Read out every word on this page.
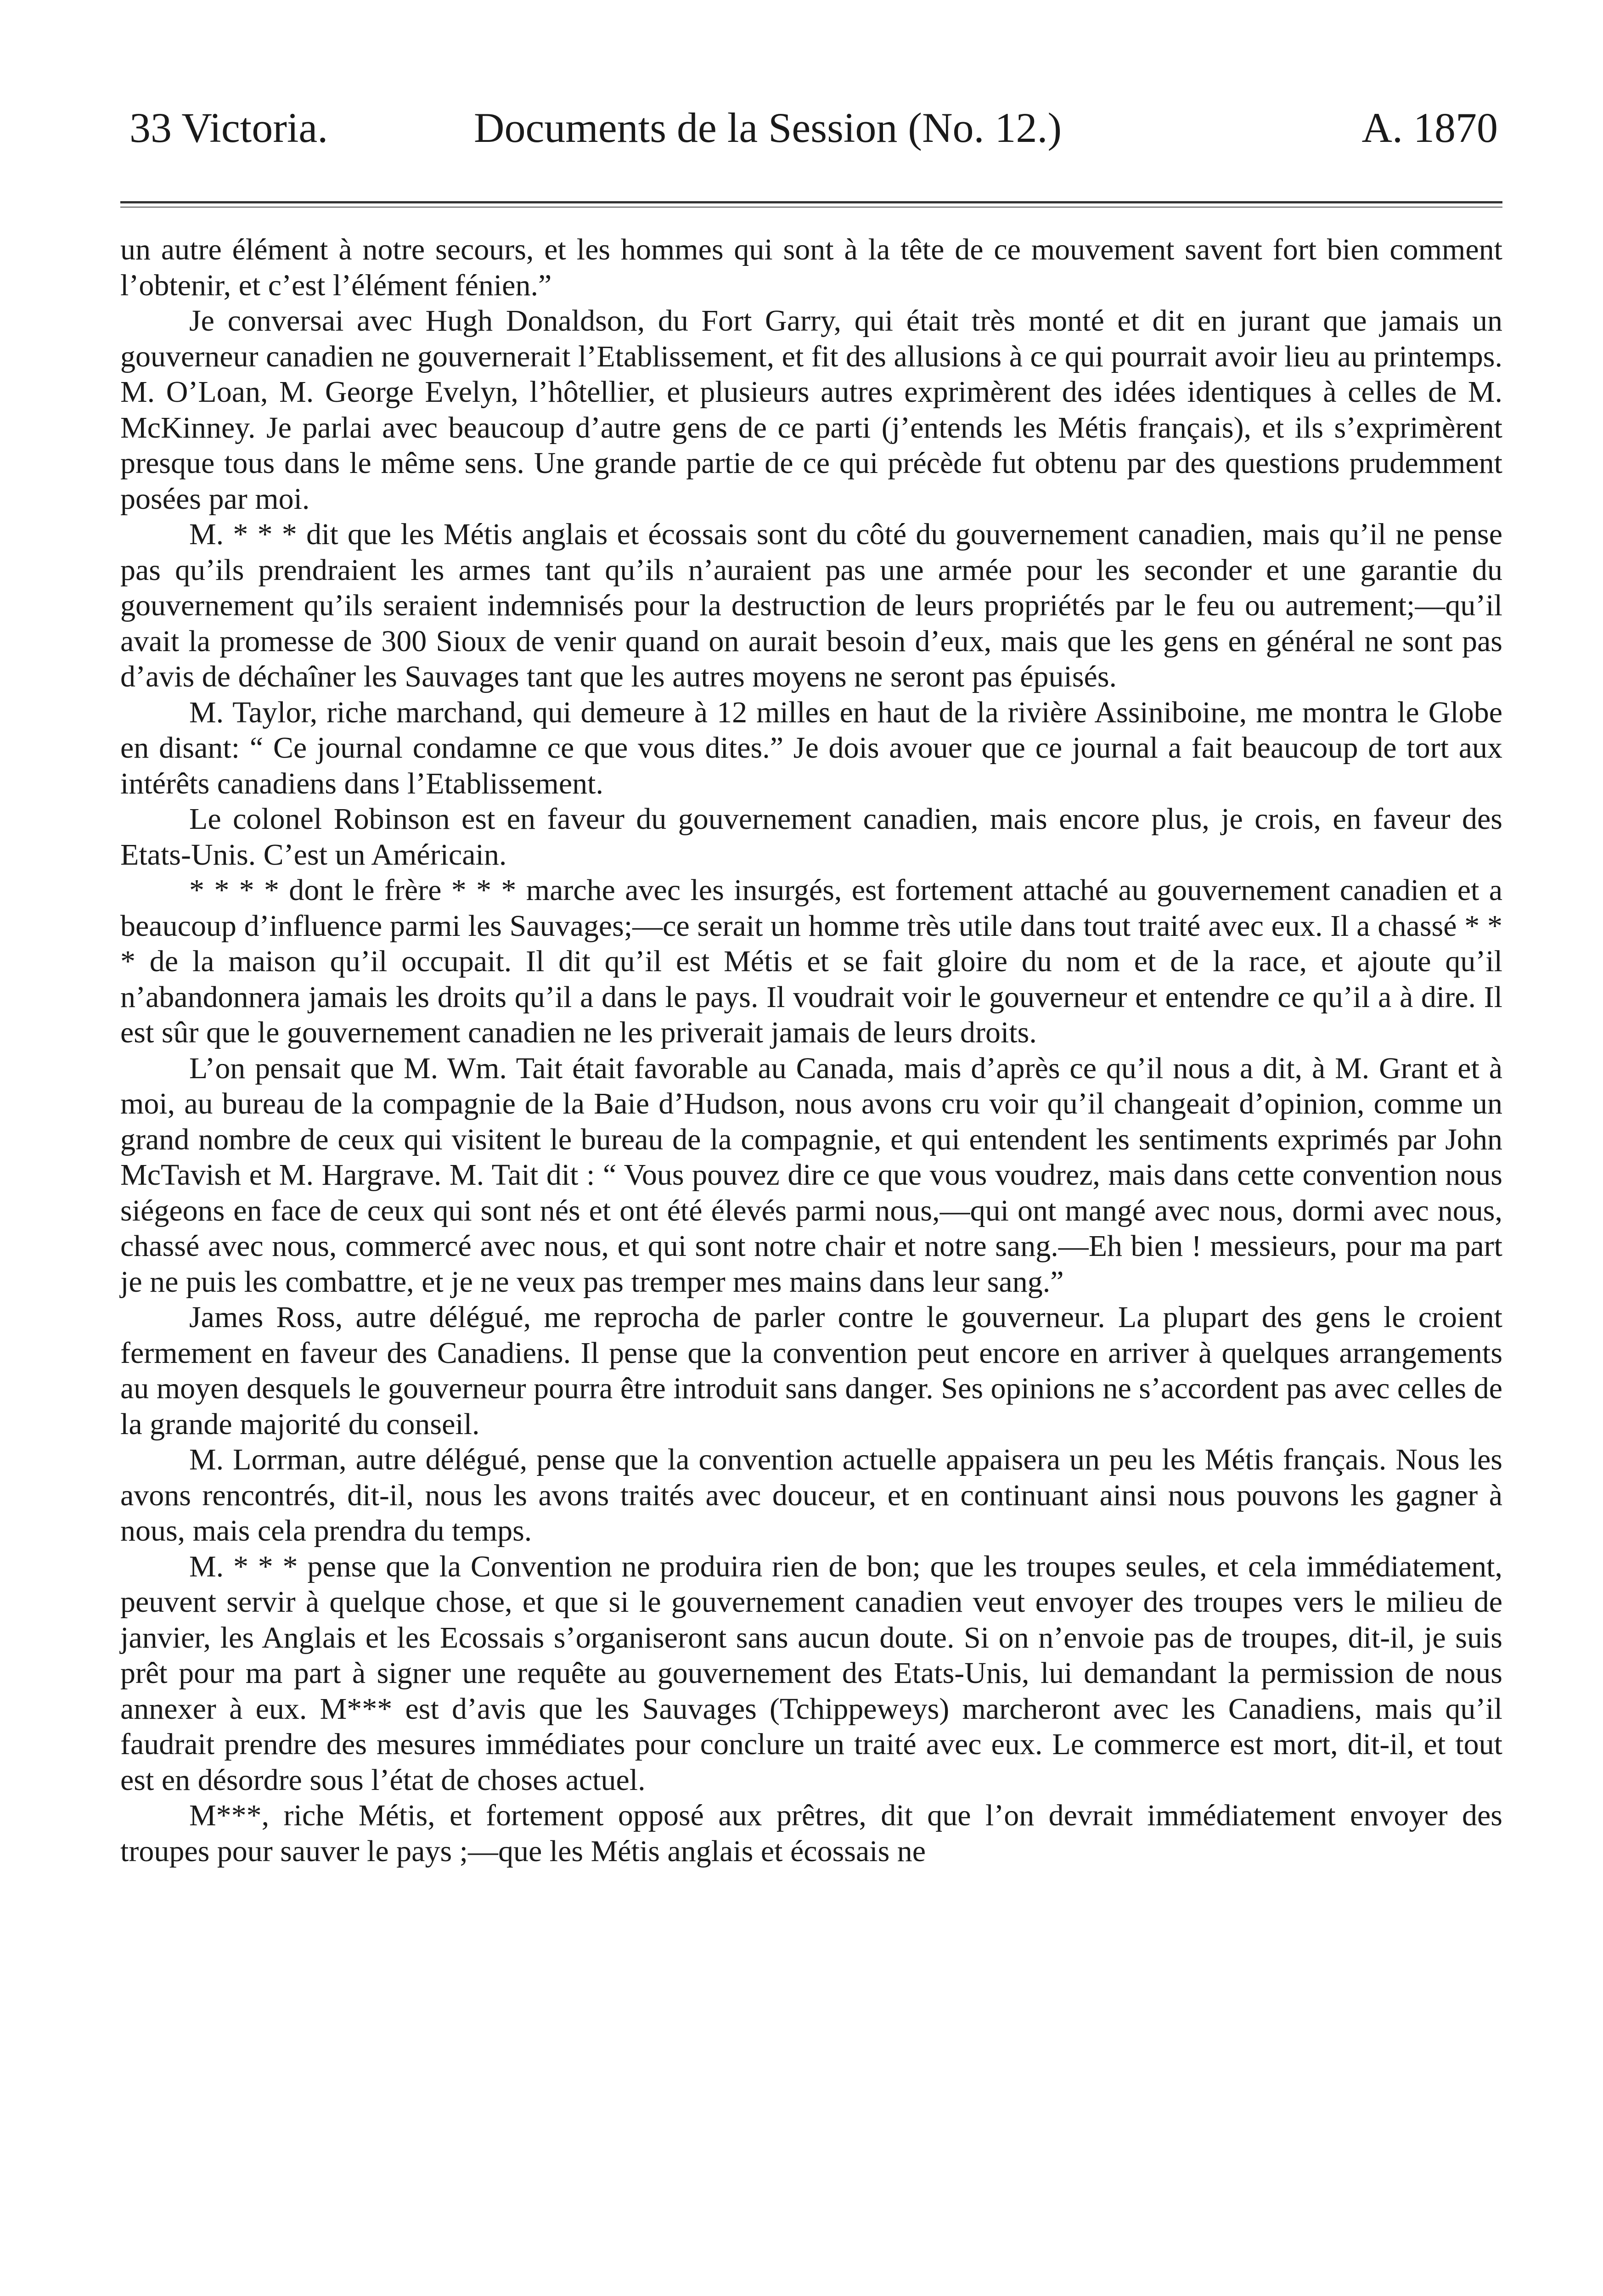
33 Victoria.	Documents de la Session (No. 12.)	A. 1870

un autre élément à notre secours, et les hommes qui sont à la tête de ce mouvement savent fort bien comment l’obtenir, et c’est l’élément fénien.”

Je conversai avec Hugh Donaldson, du Fort Garry, qui était très monté et dit en jurant que jamais un gouverneur canadien ne gouvernerait l’Etablissement, et fit des allusions à ce qui pourrait avoir lieu au printemps. M. O’Loan, M. George Evelyn, l’hôtellier, et plusieurs autres exprimèrent des idées identiques à celles de M. McKinney. Je parlai avec beaucoup d’autre gens de ce parti (j’entends les Métis français), et ils s’exprimèrent presque tous dans le même sens. Une grande partie de ce qui précède fut obtenu par des questions prudemment posées par moi.

M. * * * dit que les Métis anglais et écossais sont du côté du gouvernement canadien, mais qu’il ne pense pas qu’ils prendraient les armes tant qu’ils n’auraient pas une armée pour les seconder et une garantie du gouvernement qu’ils seraient indemnisés pour la destruction de leurs propriétés par le feu ou autrement;—qu’il avait la promesse de 300 Sioux de venir quand on aurait besoin d’eux, mais que les gens en général ne sont pas d’avis de déchaîner les Sauvages tant que les autres moyens ne seront pas épuisés.

M. Taylor, riche marchand, qui demeure à 12 milles en haut de la rivière Assiniboine, me montra le Globe en disant: “ Ce journal condamne ce que vous dites.” Je dois avouer que ce journal a fait beaucoup de tort aux intérêts canadiens dans l’Etablissement.

Le colonel Robinson est en faveur du gouvernement canadien, mais encore plus, je crois, en faveur des Etats-Unis. C’est un Américain.

* * * * dont le frère * * * marche avec les insurgés, est fortement attaché au gouvernement canadien et a beaucoup d’influence parmi les Sauvages;—ce serait un homme très utile dans tout traité avec eux. Il a chassé * * * de la maison qu’il occupait. Il dit qu’il est Métis et se fait gloire du nom et de la race, et ajoute qu’il n’abandonnera jamais les droits qu’il a dans le pays. Il voudrait voir le gouverneur et entendre ce qu’il a à dire. Il est sûr que le gouvernement canadien ne les priverait jamais de leurs droits.

L’on pensait que M. Wm. Tait était favorable au Canada, mais d’après ce qu’il nous a dit, à M. Grant et à moi, au bureau de la compagnie de la Baie d’Hudson, nous avons cru voir qu’il changeait d’opinion, comme un grand nombre de ceux qui visitent le bureau de la compagnie, et qui entendent les sentiments exprimés par John McTavish et M. Hargrave. M. Tait dit : “ Vous pouvez dire ce que vous voudrez, mais dans cette convention nous siégeons en face de ceux qui sont nés et ont été élevés parmi nous,—qui ont mangé avec nous, dormi avec nous, chassé avec nous, commercé avec nous, et qui sont notre chair et notre sang.—Eh bien ! messieurs, pour ma part je ne puis les combattre, et je ne veux pas tremper mes mains dans leur sang.”

James Ross, autre délégué, me reprocha de parler contre le gouverneur. La plupart des gens le croient fermement en faveur des Canadiens. Il pense que la convention peut encore en arriver à quelques arrangements au moyen desquels le gouverneur pourra être introduit sans danger. Ses opinions ne s’accordent pas avec celles de la grande majorité du conseil.

M. Lorrman, autre délégué, pense que la convention actuelle appaisera un peu les Métis français. Nous les avons rencontrés, dit-il, nous les avons traités avec douceur, et en continuant ainsi nous pouvons les gagner à nous, mais cela prendra du temps.

M. * * * pense que la Convention ne produira rien de bon; que les troupes seules, et cela immédiatement, peuvent servir à quelque chose, et que si le gouvernement canadien veut envoyer des troupes vers le milieu de janvier, les Anglais et les Ecossais s’organiseront sans aucun doute. Si on n’envoie pas de troupes, dit-il, je suis prêt pour ma part à signer une requête au gouvernement des Etats-Unis, lui demandant la permission de nous annexer à eux. M*** est d’avis que les Sauvages (Tchippeweys) marcheront avec les Canadiens, mais qu’il faudrait prendre des mesures immédiates pour conclure un traité avec eux. Le commerce est mort, dit-il, et tout est en désordre sous l’état de choses actuel.

M***, riche Métis, et fortement opposé aux prêtres, dit que l’on devrait immédiatement envoyer des troupes pour sauver le pays ;—que les Métis anglais et écossais ne
